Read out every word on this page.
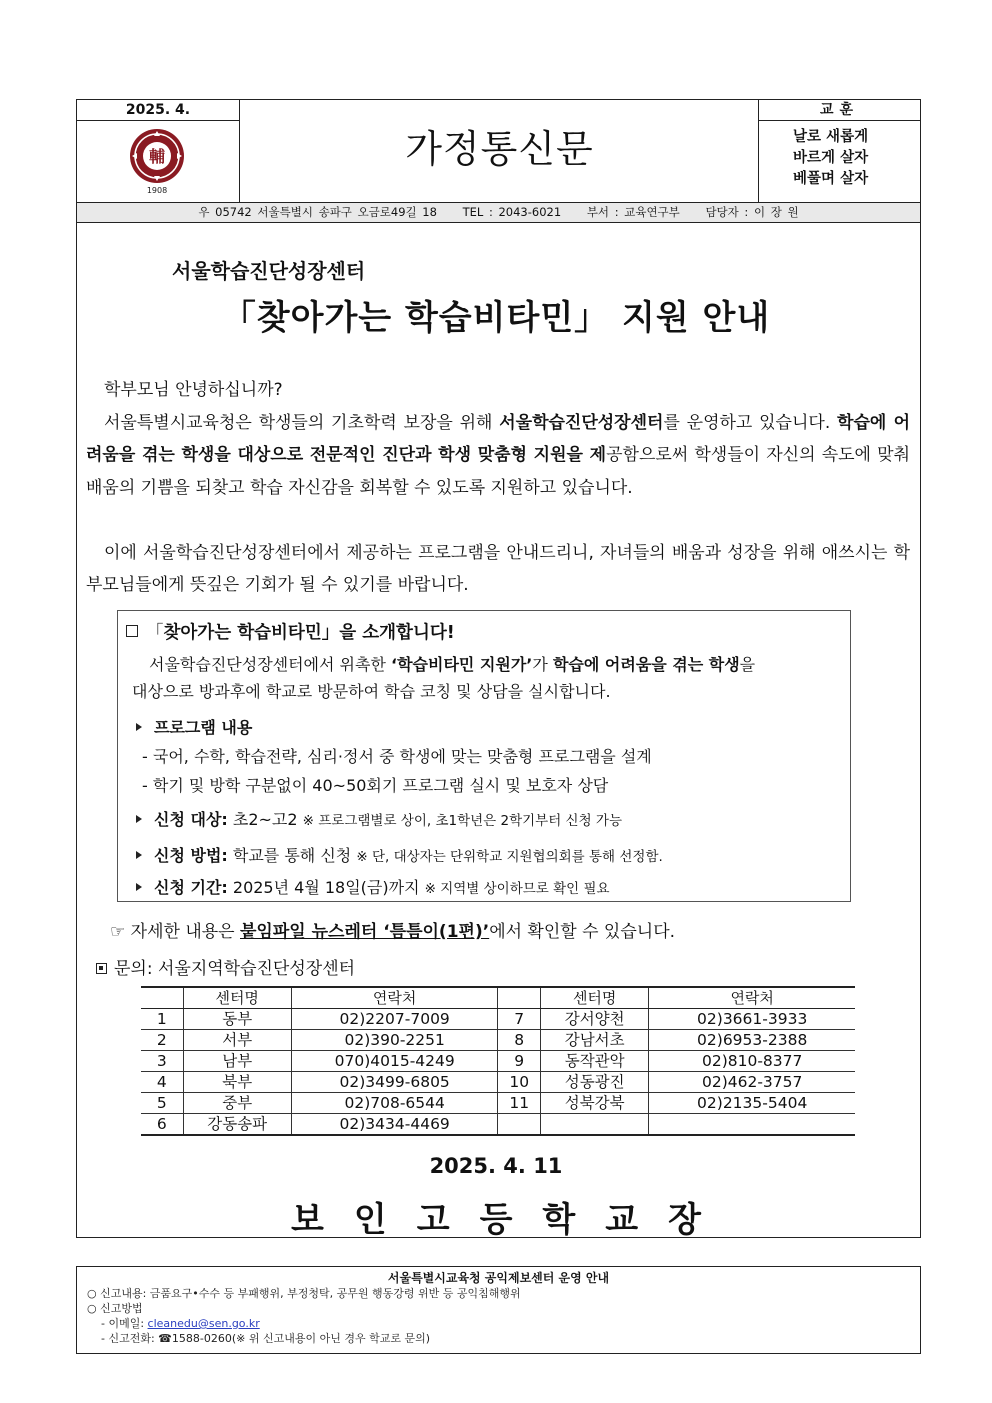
2025. 4.
輔
1908
가정통신문
교훈
날로 새롭게
바르게 살자
베풀며 살자
우 05742 서울특별시 송파구 오금로49길 18 TEL : 2043-6021 부서 : 교육연구부 담당자 : 이 장 원
서울학습진단성장센터
「찾아가는 학습비타민」 지원 안내
학부모님 안녕하십니까?
서울특별시교육청은 학생들의 기초학력 보장을 위해 서울학습진단성장센터를 운영하고 있습니다. 학습에 어려움을 겪는 학생을 대상으로 전문적인 진단과 학생 맞춤형 지원을 제공함으로써 학생들이 자신의 속도에 맞춰 배움의 기쁨을 되찾고 학습 자신감을 회복할 수 있도록 지원하고 있습니다.
이에 서울학습진단성장센터에서 제공하는 프로그램을 안내드리니, 자녀들의 배움과 성장을 위해 애쓰시는 학부모님들에게 뜻깊은 기회가 될 수 있기를 바랍니다.
「찾아가는 학습비타민」을 소개합니다!
서울학습진단성장센터에서 위촉한 ‘학습비타민 지원가’가 학습에 어려움을 겪는 학생을
대상으로 방과후에 학교로 방문하여 학습 코칭 및 상담을 실시합니다.
프로그램 내용
- 국어, 수학, 학습전략, 심리·정서 중 학생에 맞는 맞춤형 프로그램을 설계
- 학기 및 방학 구분없이 40~50회기 프로그램 실시 및 보호자 상담
신청 대상: 초2~고2 ※ 프로그램별로 상이, 초1학년은 2학기부터 신청 가능
신청 방법: 학교를 통해 신청 ※ 단, 대상자는 단위학교 지원협의회를 통해 선정함.
신청 기간: 2025년 4월 18일(금)까지 ※ 지역별 상이하므로 확인 필요
☞ 자세한 내용은 붙임파일 뉴스레터 ‘틈틈이(1편)’에서 확인할 수 있습니다.
문의: 서울지역학습진단성장센터
	센터명	연락처		센터명	연락처
1	동부	02)2207-7009	7	강서양천	02)3661-3933
2	서부	02)390-2251	8	강남서초	02)6953-2388
3	남부	070)4015-4249	9	동작관악	02)810-8377
4	북부	02)3499-6805	10	성동광진	02)462-3757
5	중부	02)708-6544	11	성북강북	02)2135-5404
6	강동송파	02)3434-4469			
2025. 4. 11
보인고등학교장
서울특별시교육청 공익제보센터 운영 안내
○ 신고내용: 금품요구•수수 등 부패행위, 부정청탁, 공무원 행동강령 위반 등 공익침해행위
○ 신고방법
- 이메일: cleanedu@sen.go.kr
- 신고전화: ☎1588-0260(※ 위 신고내용이 아닌 경우 학교로 문의)
